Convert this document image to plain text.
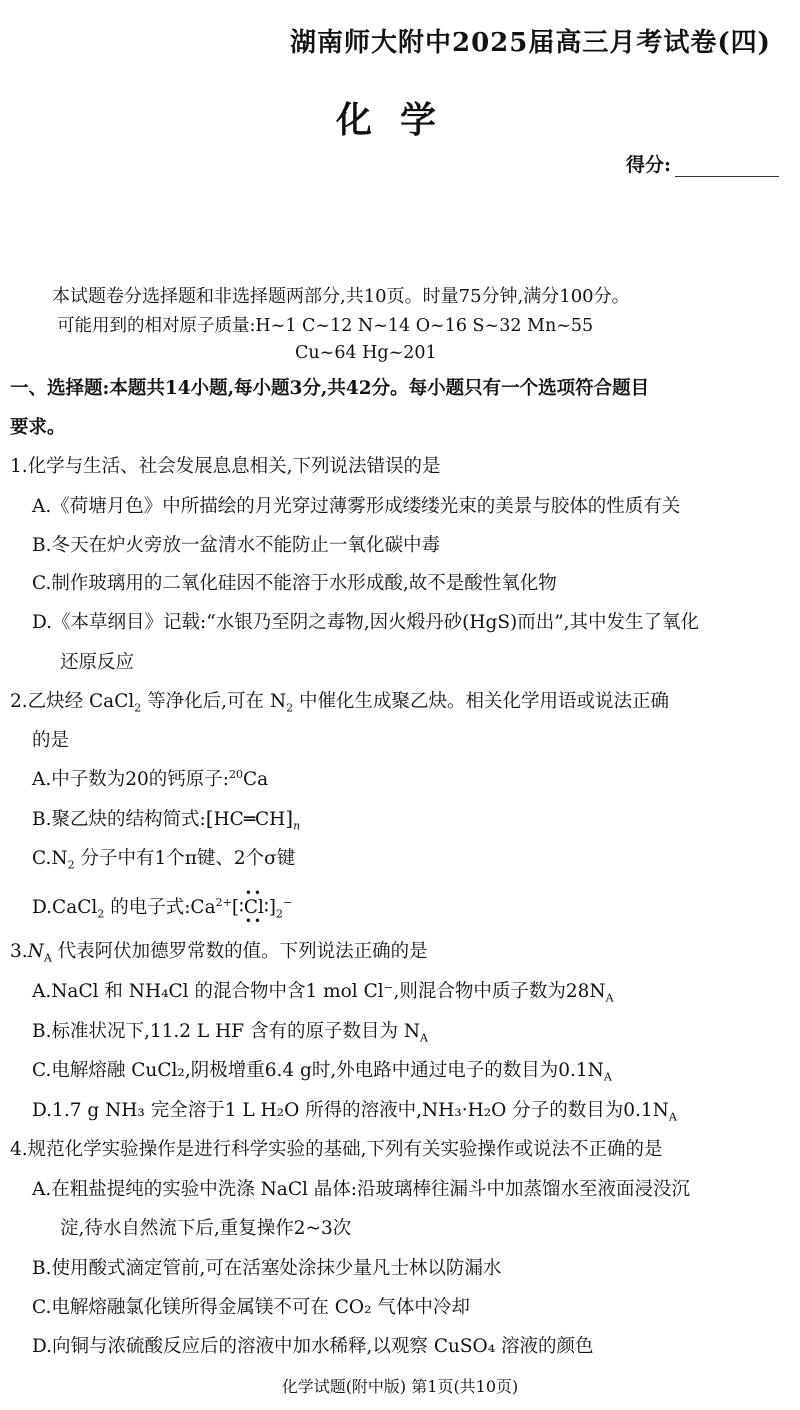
湖南师大附中2025届高三月考试卷(四)
化学
得分:
本试题卷分选择题和非选择题两部分,共10页。时量75分钟,满分100分。
可能用到的相对原子质量:H~1 C~12 N~14 O~16 S~32 Mn~55
Cu~64 Hg~201
一、选择题:本题共14小题,每小题3分,共42分。每小题只有一个选项符合题目
要求。
1.化学与生活、社会发展息息相关,下列说法错误的是
A.《荷塘月色》中所描绘的月光穿过薄雾形成缕缕光束的美景与胶体的性质有关
B.冬天在炉火旁放一盆清水不能防止一氧化碳中毒
C.制作玻璃用的二氧化硅因不能溶于水形成酸,故不是酸性氧化物
D.《本草纲目》记载:“水银乃至阴之毒物,因火煅丹砂(HgS)而出”,其中发生了氧化
还原反应
2.乙炔经 CaCl$_2$ 等净化后,可在 $N_2$ 中催化生成聚乙炔。相关化学用语或说法正确
的是
A.中子数为20的钙原子:$^{20}$Ca
B.聚乙炔的结构简式$:[HC═CH]_n$
$C.N_2$ 分子中有1个π键、2个σ键
D.CaCl$_2$ 的电子式$:Ca^{2+}$
••
[∶Cl∶]
•• $_2$−
$3.N_A$ 代表阿伏加德罗常数的值。下列说法正确的是
A.NaCl 和 NH₄Cl 的混合物中含1 mol Cl⁻,则混合物中质子数为$28N_A$
B.标准状况下,11.2 L HF 含有的原子数目为 $N_A$
C.电解熔融 CuCl₂,阴极增重6.4 g时,外电路中通过电子的数目为$0.1N_A$
D.1.7 g NH₃ 完全溶于1 L H₂O 所得的溶液中,NH₃·H₂O 分子的数目为$0.1N_A$
4.规范化学实验操作是进行科学实验的基础,下列有关实验操作或说法不正确的是
A.在粗盐提纯的实验中洗涤 NaCl 晶体:沿玻璃棒往漏斗中加蒸馏水至液面浸没沉
淀,待水自然流下后,重复操作2~3次
B.使用酸式滴定管前,可在活塞处涂抹少量凡士林以防漏水
C.电解熔融氯化镁所得金属镁不可在 CO₂ 气体中冷却
D.向铜与浓硫酸反应后的溶液中加水稀释,以观察 CuSO₄ 溶液的颜色
化学试题(附中版) 第1页(共10页)
